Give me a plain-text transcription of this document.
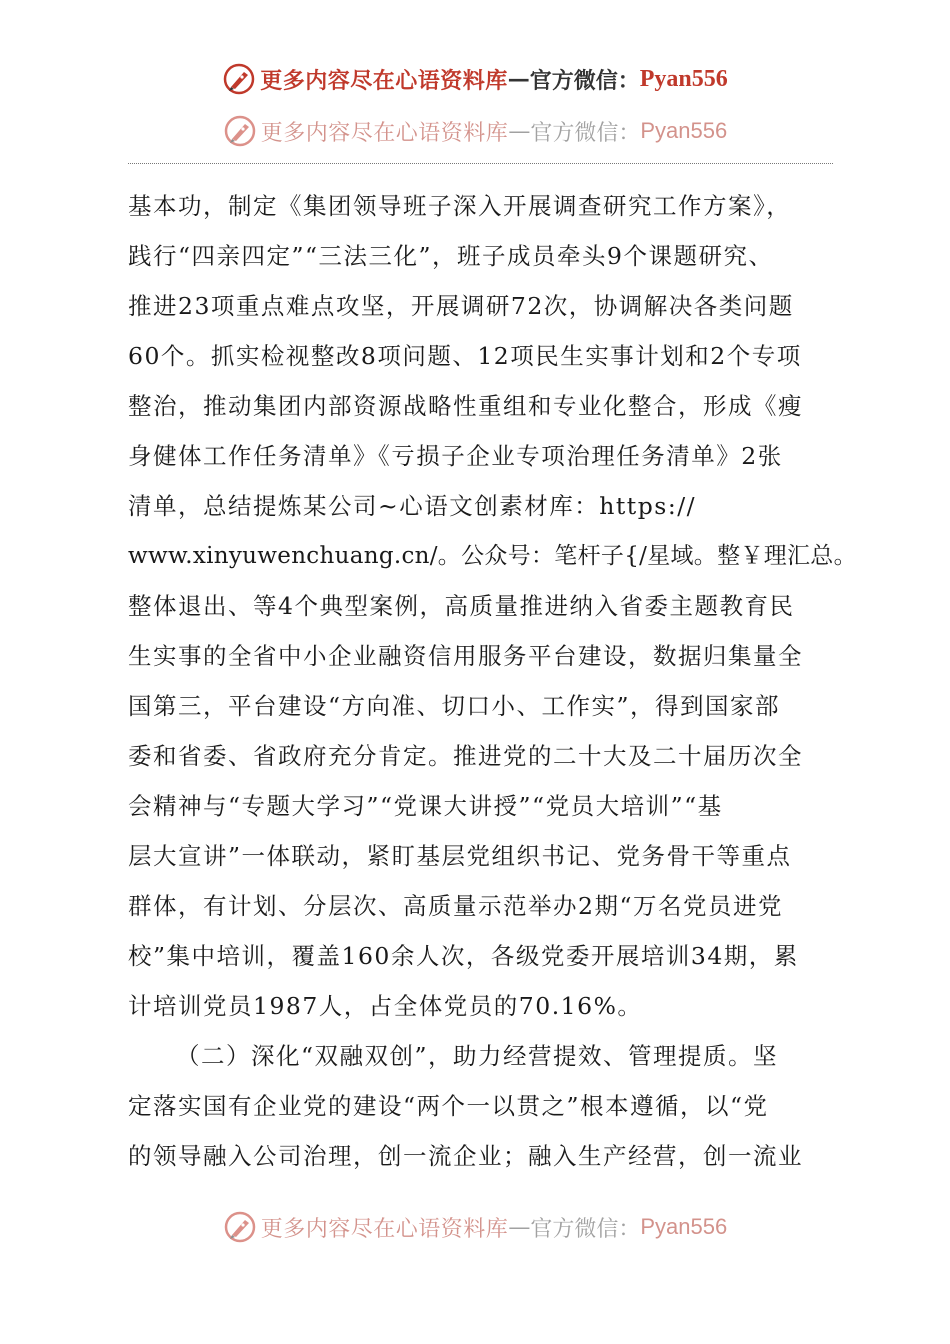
更多内容尽在心语资料库 — 官方微信： Pyan556
更多内容尽在心语资料库 — 官方微信： Pyan556
基本功，制定《集团领导班子深入开展调查研究工作方案》，
践行“四亲四定”“三法三化”，班子成员牵头9个课题研究、
推进23项重点难点攻坚，开展调研72次，协调解决各类问题
60个。抓实检视整改8项问题、12项民生实事计划和2个专项
整治，推动集团内部资源战略性重组和专业化整合，形成《瘦
身健体工作任务清单》《亏损子企业专项治理任务清单》2张
清单，总结提炼某公司~心语文创素材库：https://
www.xinyuwenchuang.cn/。公众号：笔杆子{/星域。整￥理汇总。
整体退出、等4个典型案例，高质量推进纳入省委主题教育民
生实事的全省中小企业融资信用服务平台建设，数据归集量全
国第三，平台建设“方向准、切口小、工作实”，得到国家部
委和省委、省政府充分肯定。推进党的二十大及二十届历次全
会精神与“专题大学习”“党课大讲授”“党员大培训”“基
层大宣讲”一体联动，紧盯基层党组织书记、党务骨干等重点
群体，有计划、分层次、高质量示范举办2期“万名党员进党
校”集中培训，覆盖160余人次，各级党委开展培训34期，累
计培训党员1987人，占全体党员的70.16%。
（二）深化“双融双创”，助力经营提效、管理提质。坚
定落实国有企业党的建设“两个一以贯之”根本遵循，以“党
的领导融入公司治理，创一流企业；融入生产经营，创一流业
更多内容尽在心语资料库 — 官方微信： Pyan556
